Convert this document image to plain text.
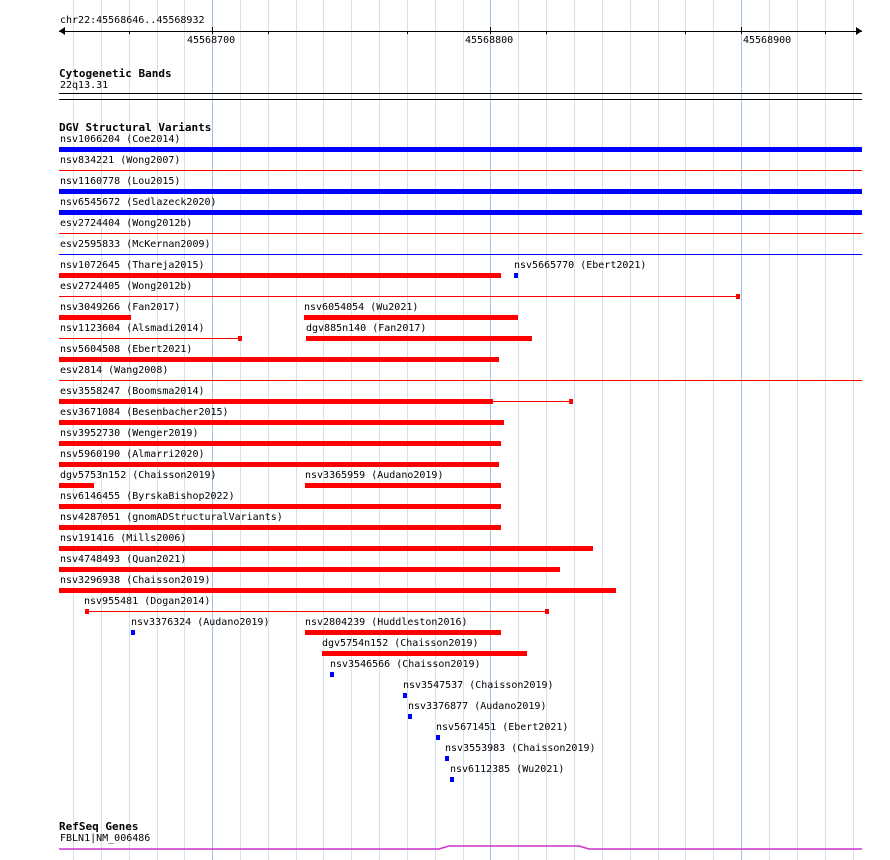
chr22:45568646..45568932
45568700	45568800	45568900
Cytogenetic Bands
22q13.31
DGV Structural Variants
nsv1066204 (Coe2014)
nsv834221 (Wong2007)
nsv1160778 (Lou2015)
nsv6545672 (Sedlazeck2020)
esv2724404 (Wong2012b)
esv2595833 (McKernan2009)
nsv1072645 (Thareja2015)	nsv5665770 (Ebert2021)
esv2724405 (Wong2012b)
nsv3049266 (Fan2017)	nsv6054054 (Wu2021)
nsv1123604 (Alsmadi2014)	dgv885n140 (Fan2017)
nsv5604508 (Ebert2021)
esv2814 (Wang2008)
esv3558247 (Boomsma2014)
esv3671084 (Besenbacher2015)
nsv3952730 (Wenger2019)
nsv5960190 (Almarri2020)
dgv5753n152 (Chaisson2019)	nsv3365959 (Audano2019)
nsv6146455 (ByrskaBishop2022)
nsv4287051 (gnomADStructuralVariants)
nsv191416 (Mills2006)
nsv4748493 (Quan2021)
nsv3296938 (Chaisson2019)
nsv955481 (Dogan2014)
nsv3376324 (Audano2019)	nsv2804239 (Huddleston2016)
dgv5754n152 (Chaisson2019)
nsv3546566 (Chaisson2019)
nsv3547537 (Chaisson2019)
nsv3376877 (Audano2019)
nsv5671451 (Ebert2021)
nsv3553983 (Chaisson2019)
nsv6112385 (Wu2021)
RefSeq Genes
FBLN1|NM_006486
